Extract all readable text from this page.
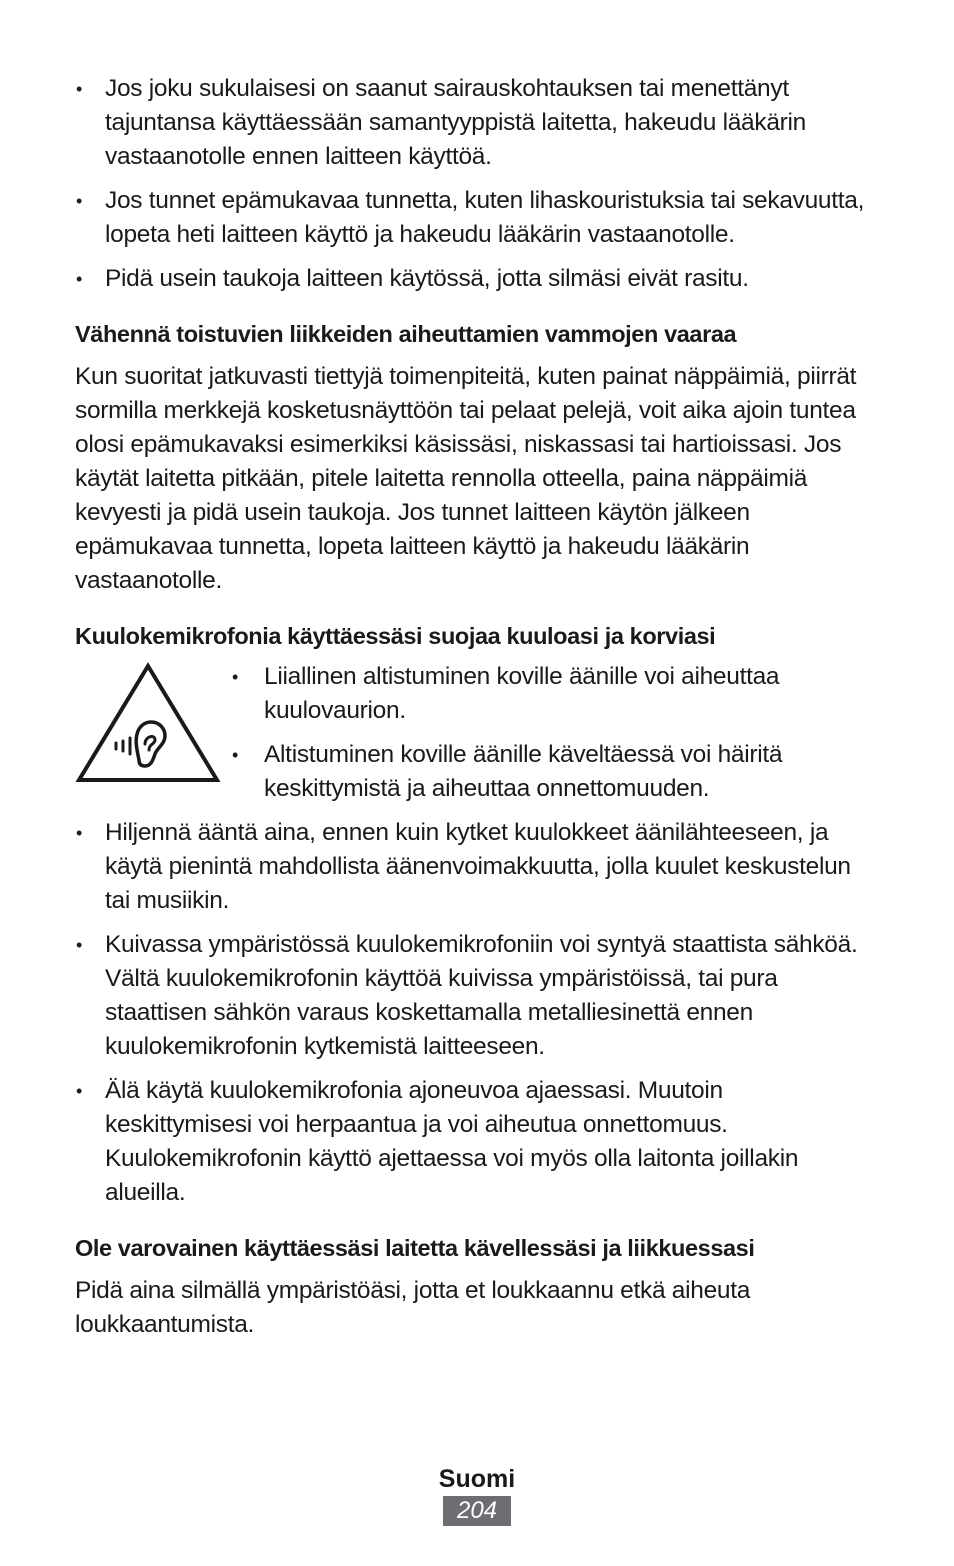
• Jos joku sukulaisesi on saanut sairauskohtauksen tai menettänyt tajuntansa käyttäessään samantyyppistä laitetta, hakeudu lääkärin vastaanotolle ennen laitteen käyttöä.
• Jos tunnet epämukavaa tunnetta, kuten lihaskouristuksia tai sekavuutta, lopeta heti laitteen käyttö ja hakeudu lääkärin vastaanotolle.
• Pidä usein taukoja laitteen käytössä, jotta silmäsi eivät rasitu.
Vähennä toistuvien liikkeiden aiheuttamien vammojen vaaraa

Kun suoritat jatkuvasti tiettyjä toimenpiteitä, kuten painat näppäimiä, piirrät sormilla merkkejä kosketusnäyttöön tai pelaat pelejä, voit aika ajoin tuntea olosi epämukavaksi esimerkiksi käsissäsi, niskassasi tai hartioissasi. Jos käytät laitetta pitkään, pitele laitetta rennolla otteella, paina näppäimiä kevyesti ja pidä usein taukoja. Jos tunnet laitteen käytön jälkeen epämukavaa tunnetta, lopeta laitteen käyttö ja hakeudu lääkärin vastaanotolle.

Kuulokemikrofonia käyttäessäsi suojaa kuuloasi ja korviasi
• Liiallinen altistuminen koville äänille voi aiheuttaa kuulovaurion.
• Altistuminen koville äänille käveltäessä voi häiritä keskittymistä ja aiheuttaa onnettomuuden.
• Hiljennä ääntä aina, ennen kuin kytket kuulokkeet äänilähteeseen, ja käytä pienintä mahdollista äänenvoimakkuutta, jolla kuulet keskustelun tai musiikin.
• Kuivassa ympäristössä kuulokemikrofoniin voi syntyä staattista sähköä. Vältä kuulokemikrofonin käyttöä kuivissa ympäristöissä, tai pura staattisen sähkön varaus koskettamalla metalliesinettä ennen kuulokemikrofonin kytkemistä laitteeseen.
• Älä käytä kuulokemikrofonia ajoneuvoa ajaessasi. Muutoin keskittymisesi voi herpaantua ja voi aiheutua onnettomuus. Kuulokemikrofonin käyttö ajettaessa voi myös olla laitonta joillakin alueilla.
Ole varovainen käyttäessäsi laitetta kävellessäsi ja liikkuessasi

Pidä aina silmällä ympäristöäsi, jotta et loukkaannu etkä aiheuta loukkaantumista.

Suomi
204
